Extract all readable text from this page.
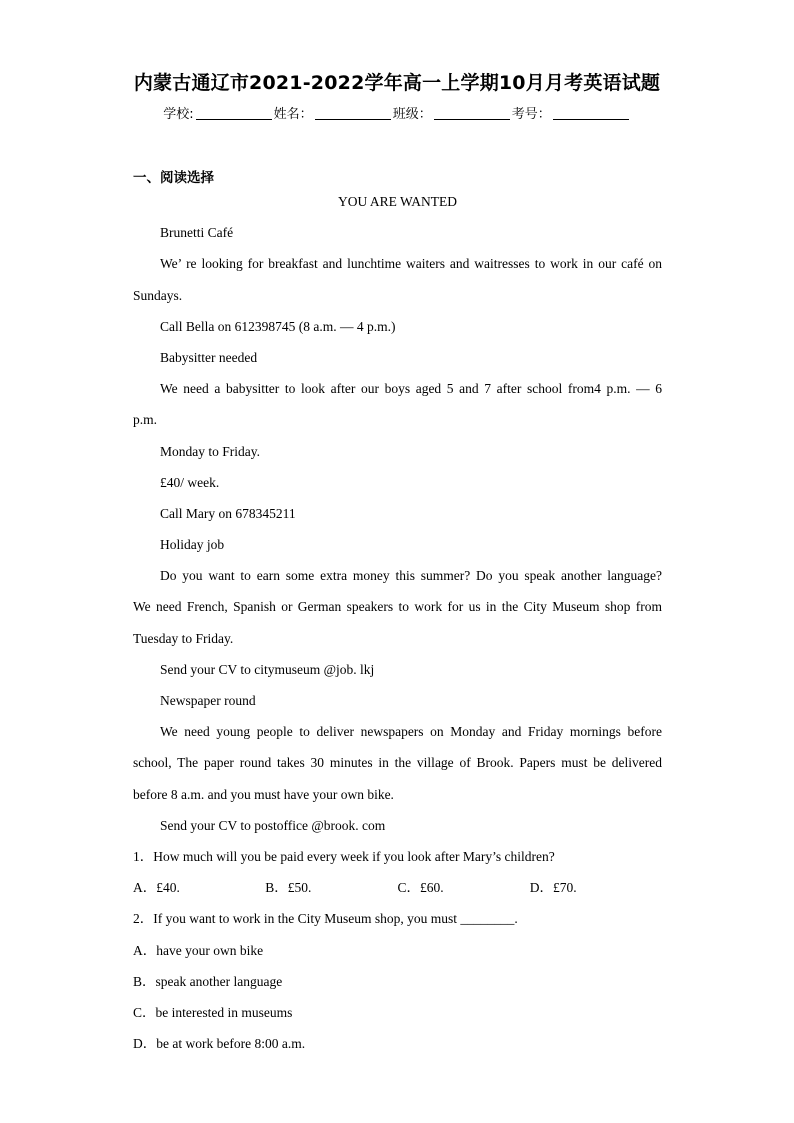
内蒙古通辽市2021-2022学年高一上学期10月月考英语试题
学校:	姓名：	班级：	考号：
一、阅读选择
YOU ARE WANTED
Brunetti Café
We’ re looking for breakfast and lunchtime waiters and waitresses to work in our café on
Sundays.
Call Bella on 612398745 (8 a.m. — 4 p.m.)
Babysitter needed
We need a babysitter to look after our boys aged 5 and 7 after school from4 p.m. — 6
p.m.
Monday to Friday.
£40/ week.
Call Mary on 678345211
Holiday job
Do you want to earn some extra money this summer? Do you speak another language?
We need French, Spanish or German speakers to work for us in the City Museum shop from
Tuesday to Friday.
Send your CV to citymuseum @job. lkj
Newspaper round
We need young people to deliver newspapers on Monday and Friday mornings before
school, The paper round takes 30 minutes in the village of Brook. Papers must be delivered
before 8 a.m. and you must have your own bike.
Send your CV to postoffice @brook. com
1．How much will you be paid every week if you look after Mary’s children?
A．£40.	B．£50.	C．£60.	D．£70.
2．If you want to work in the City Museum shop, you must ________.
A．have your own bike
B．speak another language
C．be interested in museums
D．be at work before 8:00 a.m.
